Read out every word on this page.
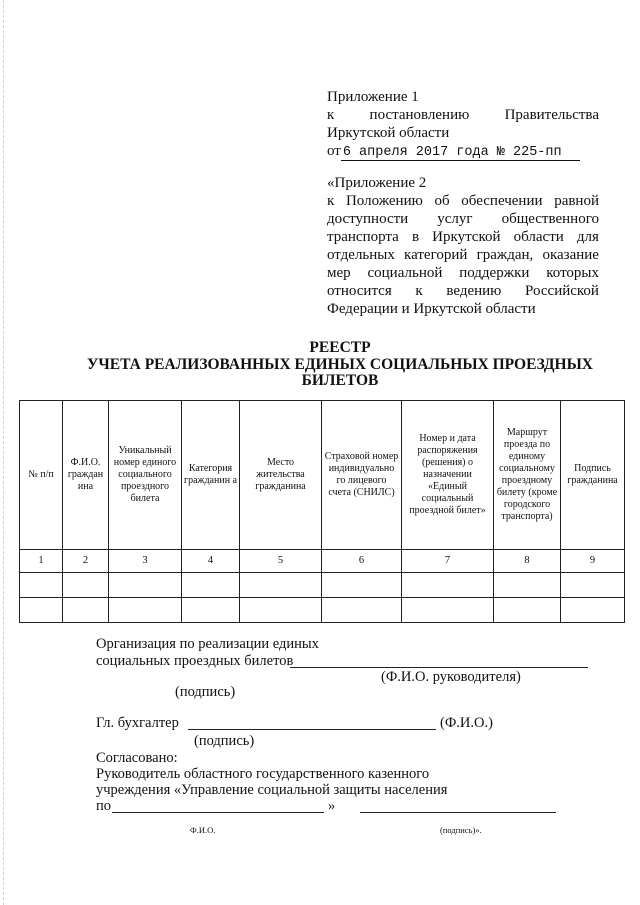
Приложение 1
к постановлению Правительства
Иркутской области
от 6 апреля 2017 года № 225-пп
«Приложение 2
к Положению об обеспечении равной
доступности услуг общественного
транспорта в Иркутской области для
отдельных категорий граждан, оказание
мер социальной поддержки которых
относится к ведению Российской
Федерации и Иркутской области
РЕЕСТР
УЧЕТА РЕАЛИЗОВАННЫХ ЕДИНЫХ СОЦИАЛЬНЫХ ПРОЕЗДНЫХ
БИЛЕТОВ
№ п/п	Ф.И.О. граждан ина	Уникальный номер единого социального проездного билета	Категория гражданин а	Место жительства гражданина	Страховой номер индивидуально го лицевого счета (СНИЛС)	Номер и дата распоряжения (решения) о назначении «Единый социальный проездной билет»	Маршрут проезда по единому социальному проездному билету (кроме городского транспорта)	Подпись гражданина
1	2	3	4	5	6	7	8	9

Организация по реализации единых
социальных проездных билетов
(Ф.И.О. руководителя)
(подпись)
Гл. бухгалтер	(Ф.И.О.)
(подпись)
Согласовано:
Руководитель областного государственного казенного
учреждения «Управление социальной защиты населения
по	»
Ф.И.О.	(подпись)».
